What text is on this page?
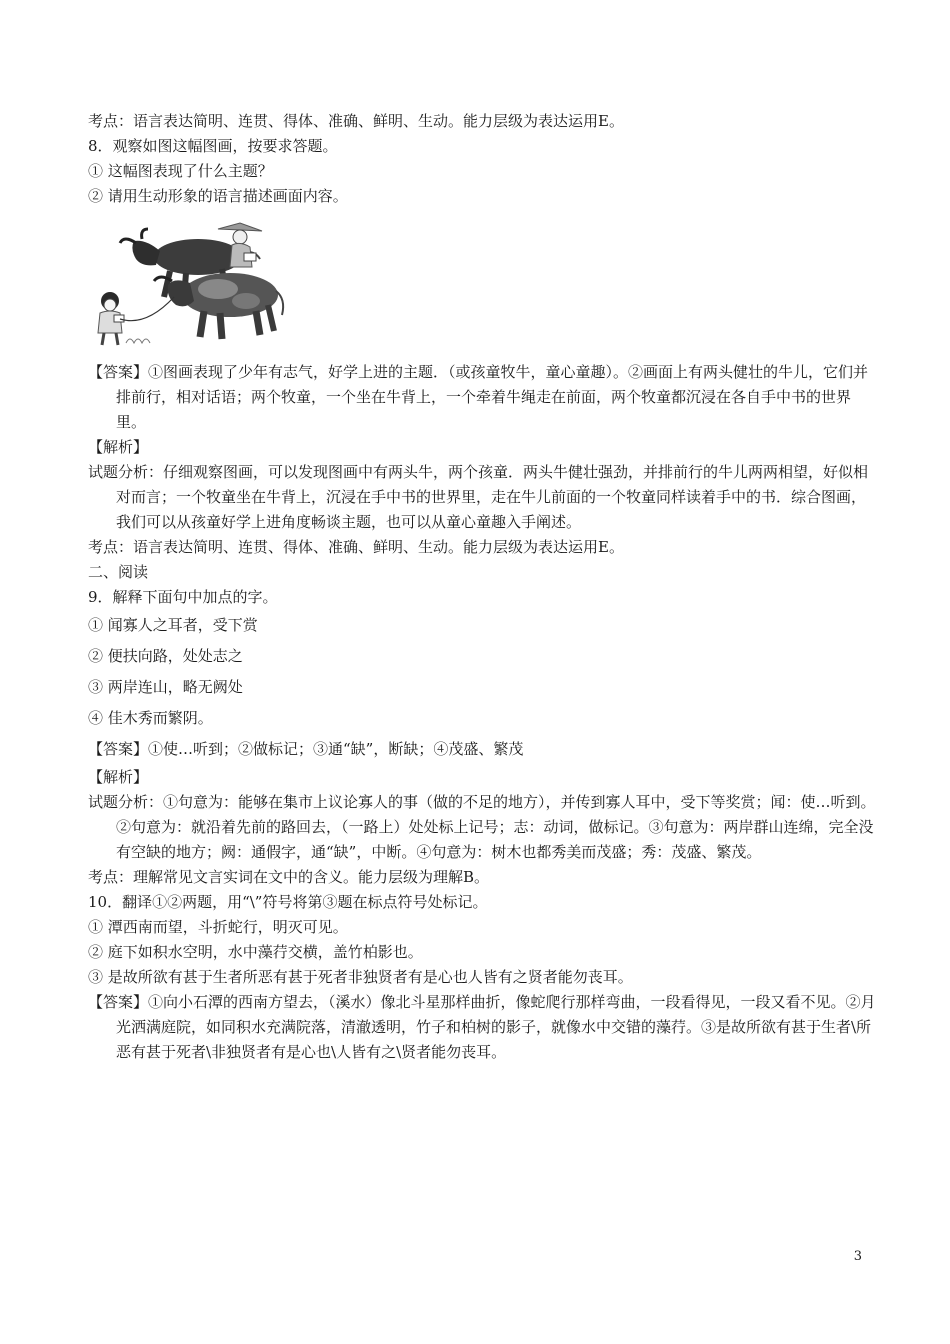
考点：语言表达简明、连贯、得体、准确、鲜明、生动。能力层级为表达运用E。
8．观察如图这幅图画，按要求答题。
① 这幅图表现了什么主题？
② 请用生动形象的语言描述画面内容。
【答案】①图画表现了少年有志气，好学上进的主题．（或孩童牧牛，童心童趣）。②画面上有两头健壮的牛儿，它们并排前行，相对话语；两个牧童，一个坐在牛背上，一个牵着牛绳走在前面，两个牧童都沉浸在各自手中书的世界里。
【解析】
试题分析：仔细观察图画，可以发现图画中有两头牛，两个孩童．两头牛健壮强劲，并排前行的牛儿两两相望，好似相对而言；一个牧童坐在牛背上，沉浸在手中书的世界里，走在牛儿前面的一个牧童同样读着手中的书．综合图画，我们可以从孩童好学上进角度畅谈主题，也可以从童心童趣入手阐述。
考点：语言表达简明、连贯、得体、准确、鲜明、生动。能力层级为表达运用E。
二、阅读
9．解释下面句中加点的字。
① 闻寡人之耳者，受下赏
② 便扶向路，处处志之
③ 两岸连山，略无阙处
④ 佳木秀而繁阴。
【答案】①使…听到；②做标记；③通“缺”，断缺；④茂盛、繁茂
【解析】
试题分析：①句意为：能够在集市上议论寡人的事（做的不足的地方），并传到寡人耳中，受下等奖赏；闻：使…听到。②句意为：就沿着先前的路回去，（一路上）处处标上记号；志：动词，做标记。③句意为：两岸群山连绵，完全没有空缺的地方；阙：通假字，通“缺”，中断。④句意为：树木也都秀美而茂盛；秀：茂盛、繁茂。
考点：理解常见文言实词在文中的含义。能力层级为理解B。
10．翻译①②两题，用“\”符号将第③题在标点符号处标记。
① 潭西南而望，斗折蛇行，明灭可见。
② 庭下如积水空明，水中藻荇交横，盖竹柏影也。
③ 是故所欲有甚于生者所恶有甚于死者非独贤者有是心也人皆有之贤者能勿丧耳。
【答案】①向小石潭的西南方望去，（溪水）像北斗星那样曲折，像蛇爬行那样弯曲，一段看得见，一段又看不见。②月光洒满庭院，如同积水充满院落，清澈透明，竹子和柏树的影子，就像水中交错的藻荇。③是故所欲有甚于生者\所恶有甚于死者\非独贤者有是心也\人皆有之\贤者能勿丧耳。
3
